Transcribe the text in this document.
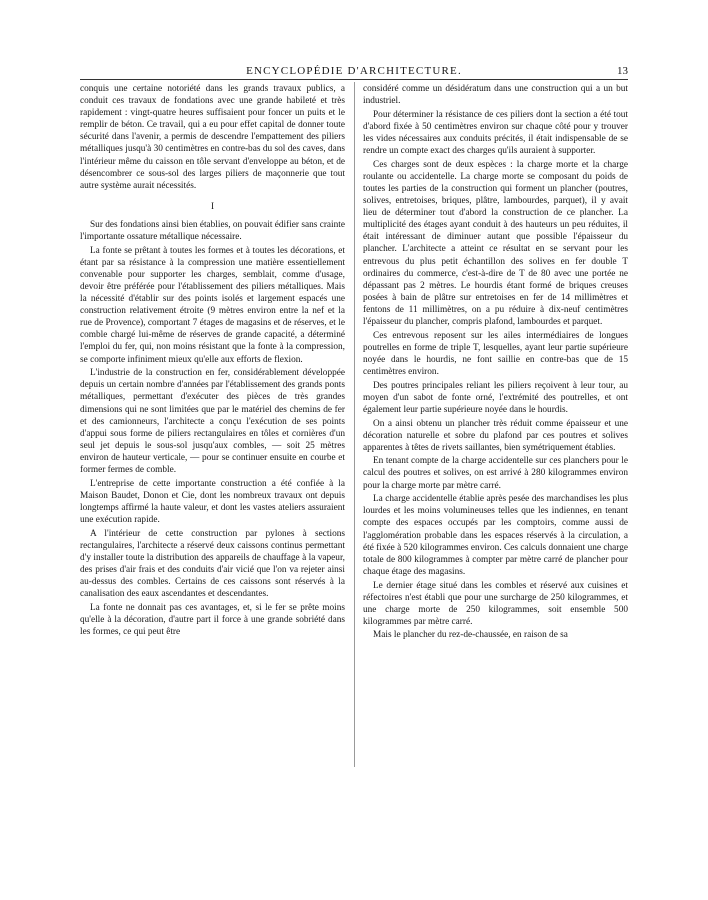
ENCYCLOPÉDIE D'ARCHITECTURE.	13

conquis une certaine notoriété dans les grands travaux publics, a conduit ces travaux de fondations avec une grande habileté et très rapidement : vingt-quatre heures suffisaient pour foncer un puits et le remplir de béton. Ce travail, qui a eu pour effet capital de donner toute sécurité dans l'avenir, a permis de descendre l'empattement des piliers métalliques jusqu'à 30 centimètres en contre-bas du sol des caves, dans l'intérieur même du caisson en tôle servant d'enveloppe au béton, et de désencombrer ce sous-sol des larges piliers de maçonnerie que tout autre système aurait nécessités.

I

Sur des fondations ainsi bien établies, on pouvait édifier sans crainte l'importante ossature métallique nécessaire.

La fonte se prêtant à toutes les formes et à toutes les décorations, et étant par sa résistance à la compression une matière essentiellement convenable pour supporter les charges, semblait, comme d'usage, devoir être préférée pour l'établissement des piliers métalliques. Mais la nécessité d'établir sur des points isolés et largement espacés une construction relativement étroite (9 mètres environ entre la nef et la rue de Provence), comportant 7 étages de magasins et de réserves, et le comble chargé lui-même de réserves de grande capacité, a déterminé l'emploi du fer, qui, non moins résistant que la fonte à la compression, se comporte infiniment mieux qu'elle aux efforts de flexion.

L'industrie de la construction en fer, considérablement développée depuis un certain nombre d'années par l'établissement des grands ponts métalliques, permettant d'exécuter des pièces de très grandes dimensions qui ne sont limitées que par le matériel des chemins de fer et des camionneurs, l'architecte a conçu l'exécution de ses points d'appui sous forme de piliers rectangulaires en tôles et cornières d'un seul jet depuis le sous-sol jusqu'aux combles, — soit 25 mètres environ de hauteur verticale, — pour se continuer ensuite en courbe et former fermes de comble.

L'entreprise de cette importante construction a été confiée à la Maison Baudet, Donon et Cie, dont les nombreux travaux ont depuis longtemps affirmé la haute valeur, et dont les vastes ateliers assuraient une exécution rapide.

A l'intérieur de cette construction par pylones à sections rectangulaires, l'architecte a réservé deux caissons continus permettant d'y installer toute la distribution des appareils de chauffage à la vapeur, des prises d'air frais et des conduits d'air vicié que l'on va rejeter ainsi au-dessus des combles. Certains de ces caissons sont réservés à la canalisation des eaux ascendantes et descendantes.

La fonte ne donnait pas ces avantages, et, si le fer se prête moins qu'elle à la décoration, d'autre part il force à une grande sobriété dans les formes, ce qui peut être

considéré comme un désidératum dans une construction qui a un but industriel.

Pour déterminer la résistance de ces piliers dont la section a été tout d'abord fixée à 50 centimètres environ sur chaque côté pour y trouver les vides nécessaires aux conduits précités, il était indispensable de se rendre un compte exact des charges qu'ils auraient à supporter.

Ces charges sont de deux espèces : la charge morte et la charge roulante ou accidentelle. La charge morte se composant du poids de toutes les parties de la construction qui forment un plancher (poutres, solives, entretoises, briques, plâtre, lambourdes, parquet), il y avait lieu de déterminer tout d'abord la construction de ce plancher. La multiplicité des étages ayant conduit à des hauteurs un peu réduites, il était intéressant de diminuer autant que possible l'épaisseur du plancher. L'architecte a atteint ce résultat en se servant pour les entrevous du plus petit échantillon des solives en fer double T ordinaires du commerce, c'est-à-dire de T de 80 avec une portée ne dépassant pas 2 mètres. Le hourdis étant formé de briques creuses posées à bain de plâtre sur entretoises en fer de 14 millimètres et fentons de 11 millimètres, on a pu réduire à dix-neuf centimètres l'épaisseur du plancher, compris plafond, lambourdes et parquet.

Ces entrevous reposent sur les ailes intermédiaires de longues poutrelles en forme de triple T, lesquelles, ayant leur partie supérieure noyée dans le hourdis, ne font saillie en contre-bas que de 15 centimètres environ.

Des poutres principales reliant les piliers reçoivent à leur tour, au moyen d'un sabot de fonte orné, l'extrémité des poutrelles, et ont également leur partie supérieure noyée dans le hourdis.

On a ainsi obtenu un plancher très réduit comme épaisseur et une décoration naturelle et sobre du plafond par ces poutres et solives apparentes à têtes de rivets saillantes, bien symétriquement établies.

En tenant compte de la charge accidentelle sur ces planchers pour le calcul des poutres et solives, on est arrivé à 280 kilogrammes environ pour la charge morte par mètre carré.

La charge accidentelle établie après pesée des marchandises les plus lourdes et les moins volumineuses telles que les indiennes, en tenant compte des espaces occupés par les comptoirs, comme aussi de l'agglomération probable dans les espaces réservés à la circulation, a été fixée à 520 kilogrammes environ. Ces calculs donnaient une charge totale de 800 kilogrammes à compter par mètre carré de plancher pour chaque étage des magasins.

Le dernier étage situé dans les combles et réservé aux cuisines et réfectoires n'est établi que pour une surcharge de 250 kilogrammes, et une charge morte de 250 kilogrammes, soit ensemble 500 kilogrammes par mètre carré.

Mais le plancher du rez-de-chaussée, en raison de sa
